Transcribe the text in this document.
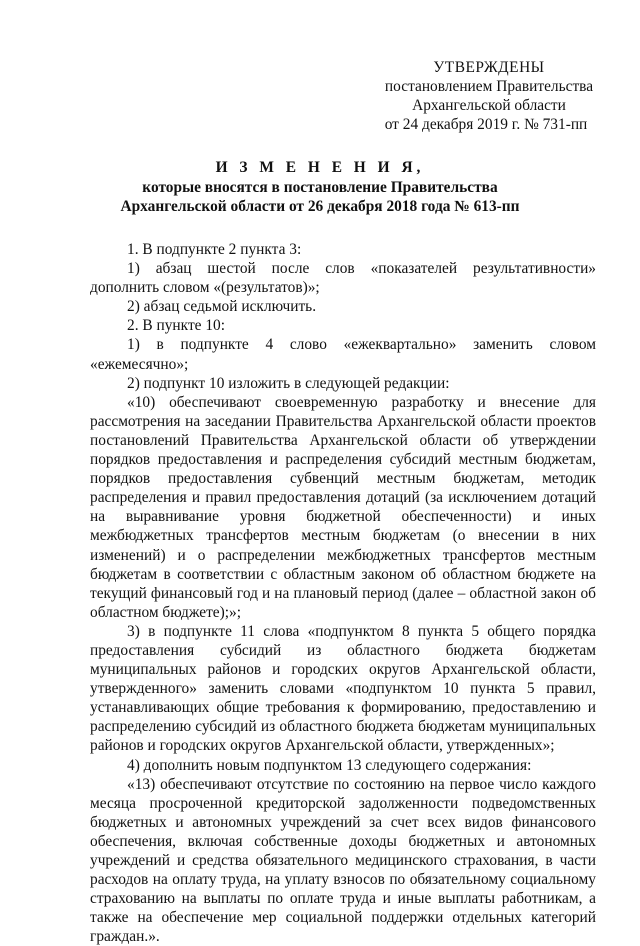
УТВЕРЖДЕНЫ
постановлением Правительства
Архангельской области
от 24 декабря 2019 г. № 731-пп
И З М Е Н Е Н И Я,
которые вносятся в постановление Правительства
Архангельской области от 26 декабря 2018 года № 613-пп

1. В подпункте 2 пункта 3:

1) абзац шестой после слов «показателей результативности» дополнить словом «(результатов)»;

2) абзац седьмой исключить.

2. В пункте 10:

1) в подпункте 4 слово «ежеквартально» заменить словом «ежемесячно»;

2) подпункт 10 изложить в следующей редакции:

«10) обеспечивают своевременную разработку и внесение для рассмотрения на заседании Правительства Архангельской области проектов постановлений Правительства Архангельской области об утверждении порядков предоставления и распределения субсидий местным бюджетам, порядков предоставления субвенций местным бюджетам, методик распределения и правил предоставления дотаций (за исключением дотаций на выравнивание уровня бюджетной обеспеченности) и иных межбюджетных трансфертов местным бюджетам (о внесении в них изменений) и о распределении межбюджетных трансфертов местным бюджетам в соответствии с областным законом об областном бюджете на текущий финансовый год и на плановый период (далее – областной закон об областном бюджете);»;

3) в подпункте 11 слова «подпунктом 8 пункта 5 общего порядка предоставления субсидий из областного бюджета бюджетам муниципальных районов и городских округов Архангельской области, утвержденного» заменить словами «подпунктом 10 пункта 5 правил, устанавливающих общие требования к формированию, предоставлению и распределению субсидий из областного бюджета бюджетам муниципальных районов и городских округов Архангельской области, утвержденных»;

4) дополнить новым подпунктом 13 следующего содержания:

«13) обеспечивают отсутствие по состоянию на первое число каждого месяца просроченной кредиторской задолженности подведомственных бюджетных и автономных учреждений за счет всех видов финансового обеспечения, включая собственные доходы бюджетных и автономных учреждений и средства обязательного медицинского страхования, в части расходов на оплату труда, на уплату взносов по обязательному социальному страхованию на выплаты по оплате труда и иные выплаты работникам, а также на обеспечение мер социальной поддержки отдельных категорий граждан.».
